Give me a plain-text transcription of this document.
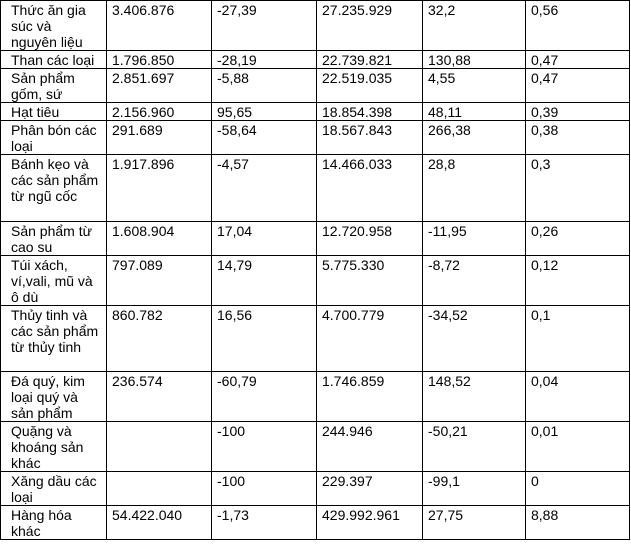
Thức ăn gia súc và nguyên liệu	3.406.876	-27,39	27.235.929	32,2	0,56
Than các loại	1.796.850	-28,19	22.739.821	130,88	0,47
Sản phẩm gốm, sứ	2.851.697	-5,88	22.519.035	4,55	0,47
Hạt tiêu	2.156.960	95,65	18.854.398	48,11	0,39
Phân bón các loại	291.689	-58,64	18.567.843	266,38	0,38
Bánh kẹo và các sản phẩm từ ngũ cốc	1.917.896	-4,57	14.466.033	28,8	0,3
Sản phẩm từ cao su	1.608.904	17,04	12.720.958	-11,95	0,26
Túi xách, ví,vali, mũ và ô dù	797.089	14,79	5.775.330	-8,72	0,12
Thủy tinh và các sản phẩm từ thủy tinh	860.782	16,56	4.700.779	-34,52	0,1
Đá quý, kim loại quý và sản phẩm	236.574	-60,79	1.746.859	148,52	0,04
Quặng và khoáng sản khác		-100	244.946	-50,21	0,01
Xăng dầu các loại		-100	229.397	-99,1	0
Hàng hóa khác	54.422.040	-1,73	429.992.961	27,75	8,88
